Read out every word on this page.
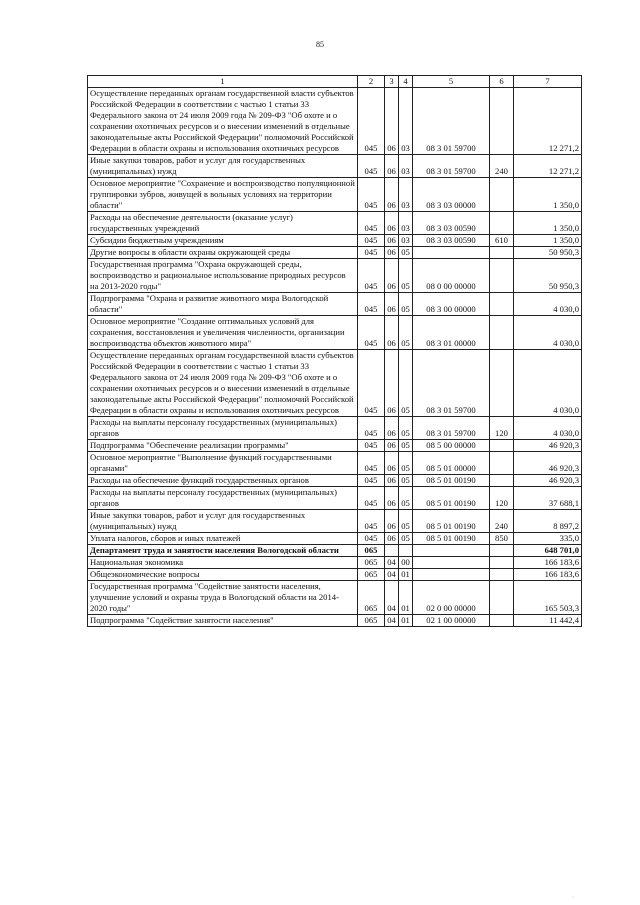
85
1	2	3	4	5	6	7
Осуществление переданных органам государственной власти субъектов Российской Федерации в соответствии с частью 1 статьи 33 Федерального закона от 24 июля 2009 года № 209-ФЗ "Об охоте и о сохранении охотничьих ресурсов и о внесении изменений в отдельные законодательные акты Российской Федерации" полномочий Российской Федерации в области охраны и использования охотничьих ресурсов	045	06	03	08 3 01 59700		12 271,2
Иные закупки товаров, работ и услуг для государственных (муниципальных) нужд	045	06	03	08 3 01 59700	240	12 271,2
Основное мероприятие "Сохранение и воспроизводство популяционной группировки зубров, живущей в вольных условиях на территории области"	045	06	03	08 3 03 00000		1 350,0
Расходы на обеспечение деятельности (оказание услуг) государственных учреждений	045	06	03	08 3 03 00590		1 350,0
Субсидии бюджетным учреждениям	045	06	03	08 3 03 00590	610	1 350,0
Другие вопросы в области охраны окружающей среды	045	06	05			50 950,3
Государственная программа "Охрана окружающей среды, воспроизводство и рациональное использование природных ресурсов на 2013-2020 годы"	045	06	05	08 0 00 00000		50 950,3
Подпрограмма "Охрана и развитие животного мира Вологодской области"	045	06	05	08 3 00 00000		4 030,0
Основное мероприятие "Создание оптимальных условий для сохранения, восстановления и увеличения численности, организации воспроизводства объектов животного мира"	045	06	05	08 3 01 00000		4 030,0
Осуществление переданных органам государственной власти субъектов Российской Федерации в соответствии с частью 1 статьи 33 Федерального закона от 24 июля 2009 года № 209-ФЗ "Об охоте и о сохранении охотничьих ресурсов и о внесении изменений в отдельные законодательные акты Российской Федерации" полномочий Российской Федерации в области охраны и использования охотничьих ресурсов	045	06	05	08 3 01 59700		4 030,0
Расходы на выплаты персоналу государственных (муниципальных) органов	045	06	05	08 3 01 59700	120	4 030,0
Подпрограмма "Обеспечение реализации программы"	045	06	05	08 5 00 00000		46 920,3
Основное мероприятие "Выполнение функций государственными органами"	045	06	05	08 5 01 00000		46 920,3
Расходы на обеспечение функций государственных органов	045	06	05	08 5 01 00190		46 920,3
Расходы на выплаты персоналу государственных (муниципальных) органов	045	06	05	08 5 01 00190	120	37 688,1
Иные закупки товаров, работ и услуг для государственных (муниципальных) нужд	045	06	05	08 5 01 00190	240	8 897,2
Уплата налогов, сборов и иных платежей	045	06	05	08 5 01 00190	850	335,0
Департамент труда и занятости населения Вологодской области	065					648 701,0
Национальная экономика	065	04	00			166 183,6
Общеэкономические вопросы	065	04	01			166 183,6
Государственная программа "Содействие занятости населения, улучшение условий и охраны труда в Вологодской области на 2014-2020 годы"	065	04	01	02 0 00 00000		165 503,3
Подпрограмма "Содействие занятости населения"	065	04	01	02 1 00 00000		11 442,4
·
